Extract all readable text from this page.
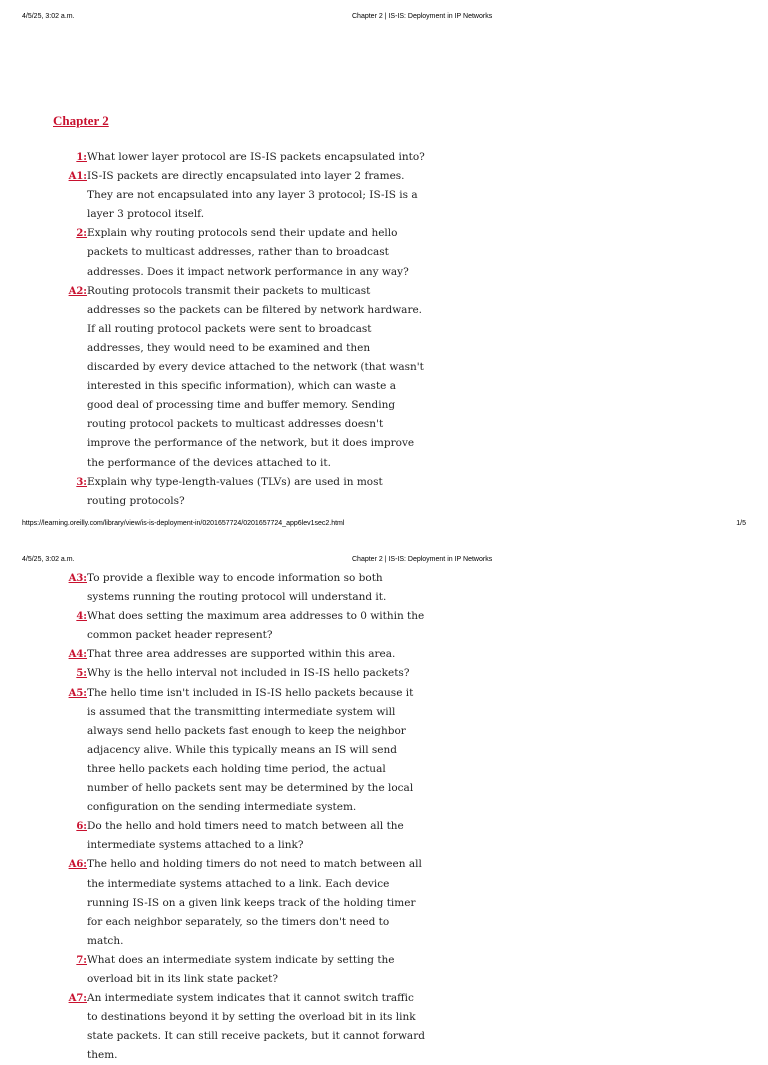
4/5/25, 3:02 a.m.	Chapter 2 | IS-IS: Deployment in IP Networks
Chapter 2
1: What lower layer protocol are IS-IS packets encapsulated into?
A1: IS-IS packets are directly encapsulated into layer 2 frames. They are not encapsulated into any layer 3 protocol; IS-IS is a layer 3 protocol itself.
2: Explain why routing protocols send their update and hello packets to multicast addresses, rather than to broadcast addresses. Does it impact network performance in any way?
A2: Routing protocols transmit their packets to multicast addresses so the packets can be filtered by network hardware. If all routing protocol packets were sent to broadcast addresses, they would need to be examined and then discarded by every device attached to the network (that wasn't interested in this specific information), which can waste a good deal of processing time and buffer memory. Sending routing protocol packets to multicast addresses doesn't improve the performance of the network, but it does improve the performance of the devices attached to it.
3: Explain why type-length-values (TLVs) are used in most routing protocols?
https://learning.oreilly.com/library/view/is-is-deployment-in/0201657724/0201657724_app6lev1sec2.html	1/5
4/5/25, 3:02 a.m.	Chapter 2 | IS-IS: Deployment in IP Networks
A3: To provide a flexible way to encode information so both systems running the routing protocol will understand it.
4: What does setting the maximum area addresses to 0 within the common packet header represent?
A4: That three area addresses are supported within this area.
5: Why is the hello interval not included in IS-IS hello packets?
A5: The hello time isn't included in IS-IS hello packets because it is assumed that the transmitting intermediate system will always send hello packets fast enough to keep the neighbor adjacency alive. While this typically means an IS will send three hello packets each holding time period, the actual number of hello packets sent may be determined by the local configuration on the sending intermediate system.
6: Do the hello and hold timers need to match between all the intermediate systems attached to a link?
A6: The hello and holding timers do not need to match between all the intermediate systems attached to a link. Each device running IS-IS on a given link keeps track of the holding timer for each neighbor separately, so the timers don't need to match.
7: What does an intermediate system indicate by setting the overload bit in its link state packet?
A7: An intermediate system indicates that it cannot switch traffic to destinations beyond it by setting the overload bit in its link state packets. It can still receive packets, but it cannot forward them.
